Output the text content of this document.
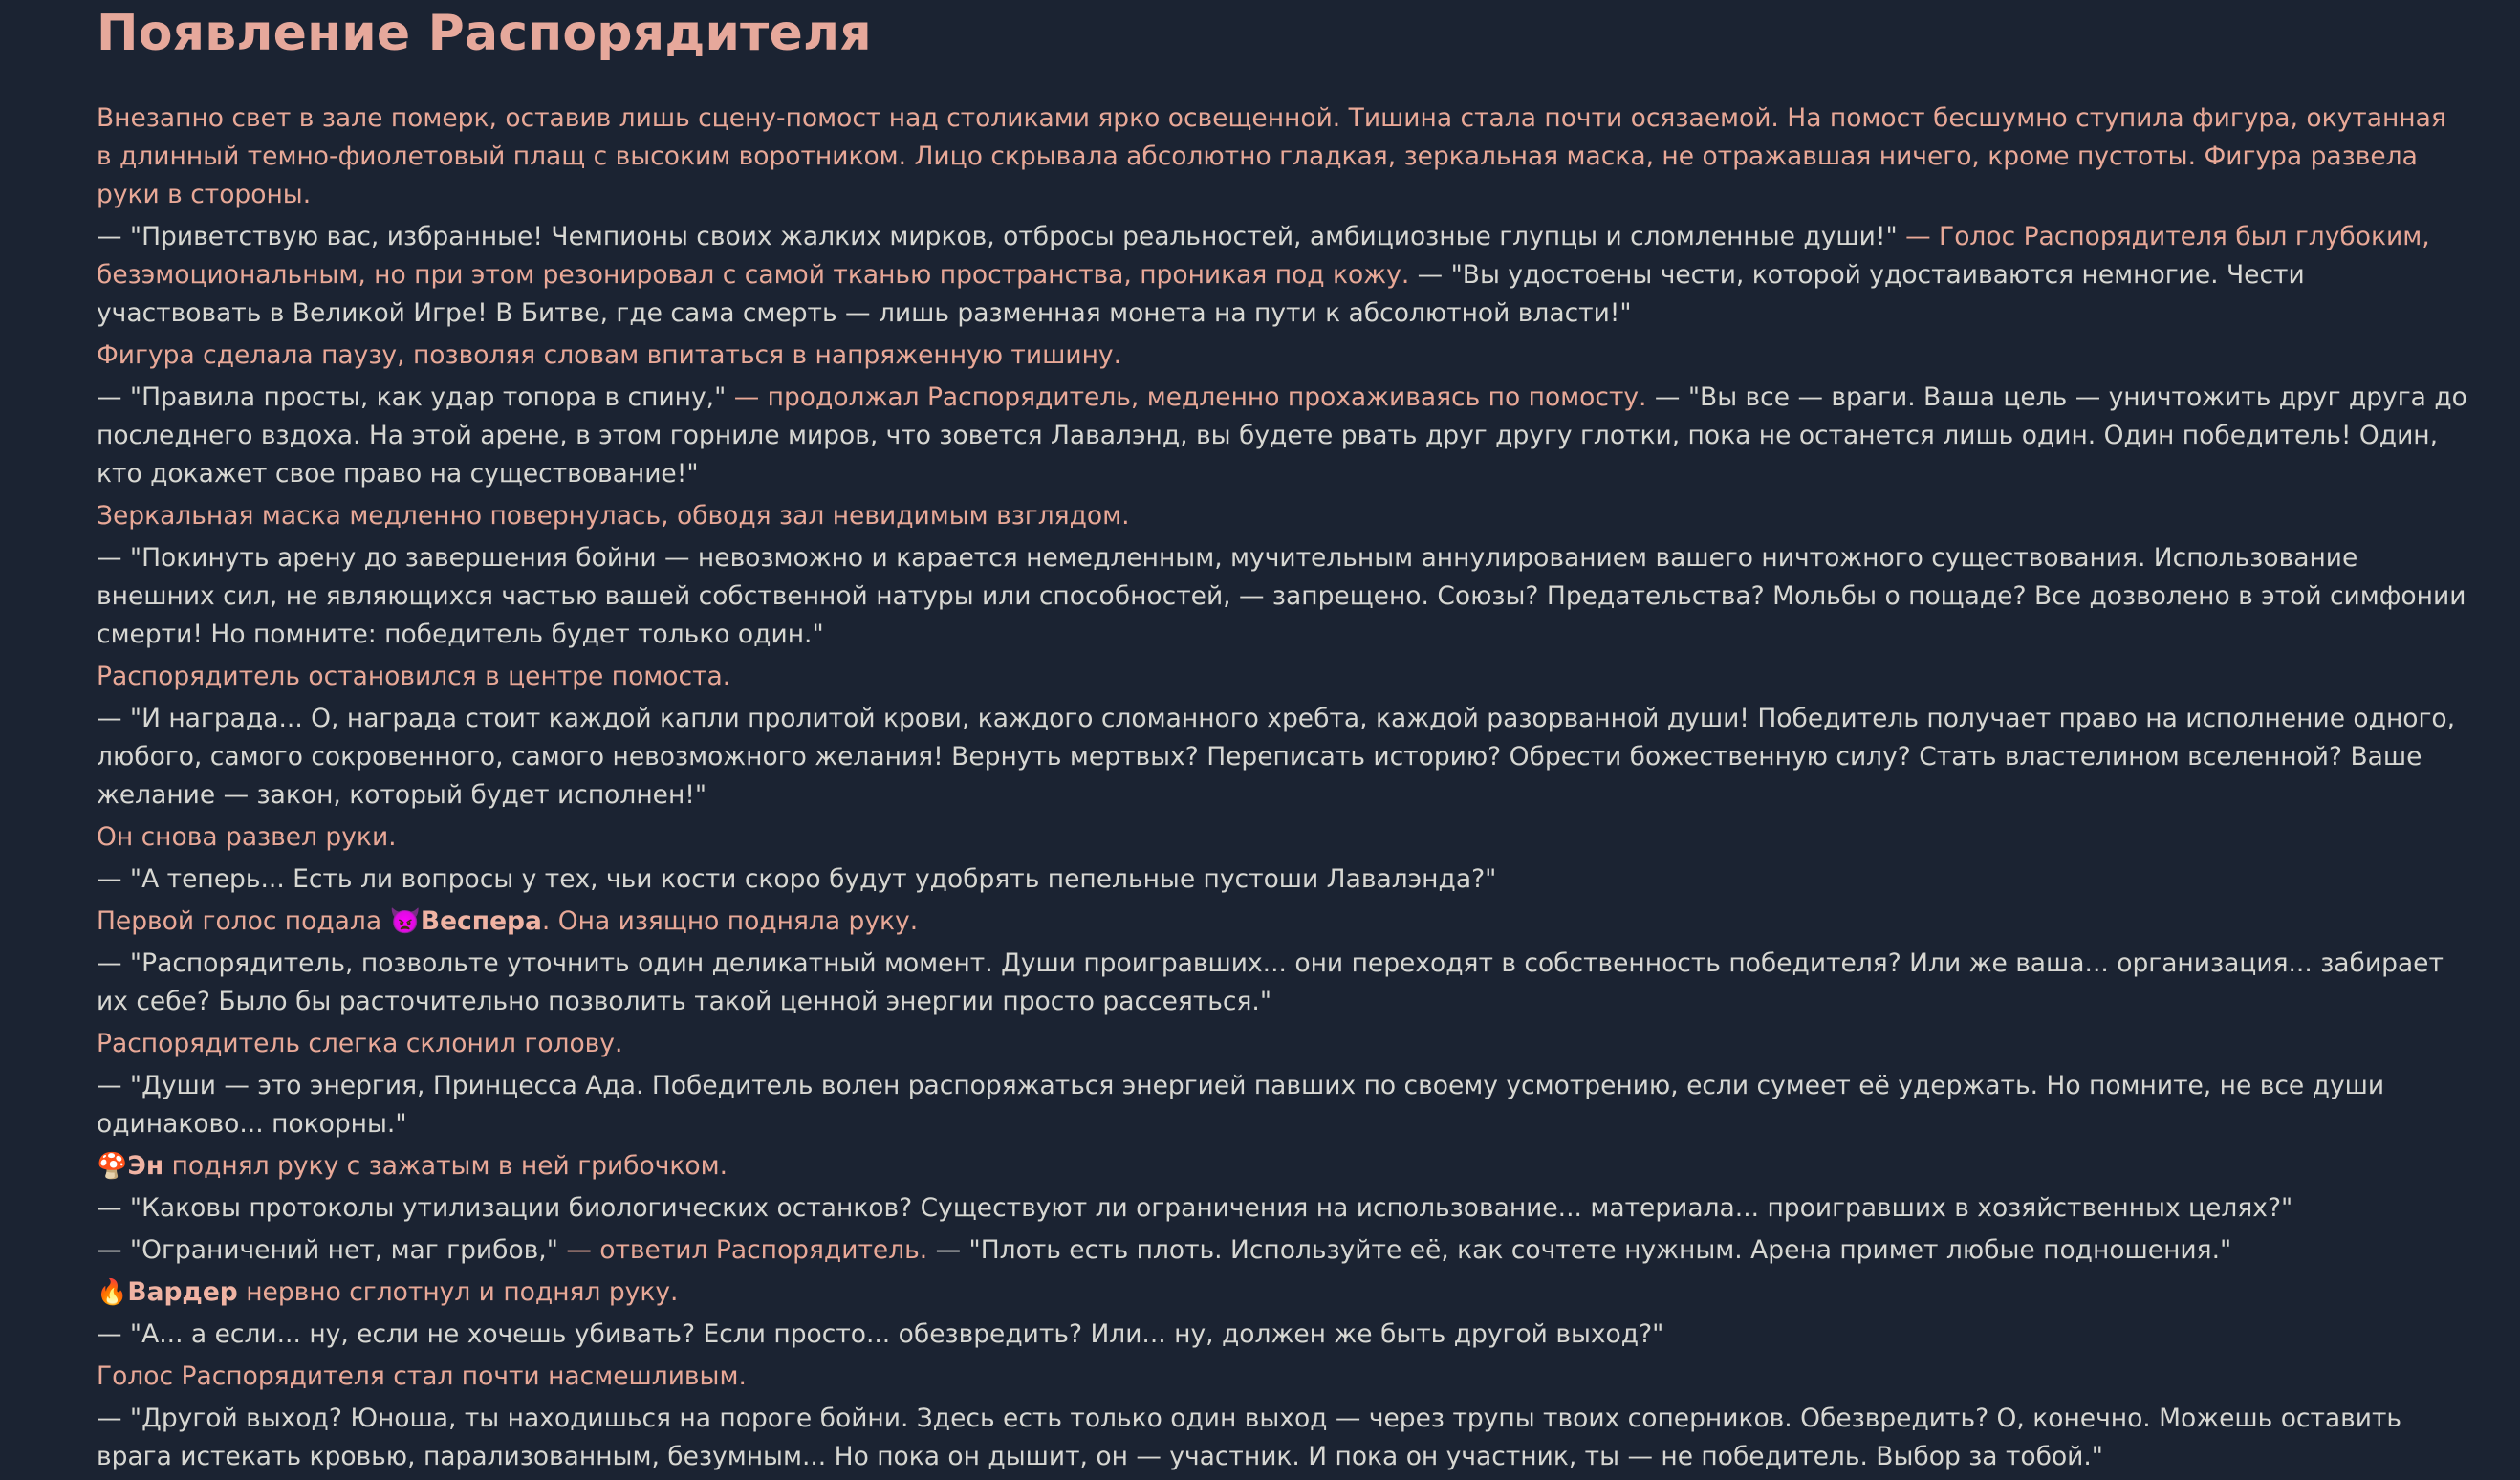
Появление Распорядителя
Внезапно свет в зале померк, оставив лишь сцену-помост над столиками ярко освещенной. Тишина стала почти осязаемой. На помост бесшумно ступила фигура, окутанная в длинный темно-фиолетовый плащ с высоким воротником. Лицо скрывала абсолютно гладкая, зеркальная маска, не отражавшая ничего, кроме пустоты. Фигура развела руки в стороны.
— "Приветствую вас, избранные! Чемпионы своих жалких мирков, отбросы реальностей, амбициозные глупцы и сломленные души!" — Голос Распорядителя был глубоким, безэмоциональным, но при этом резонировал с самой тканью пространства, проникая под кожу. — "Вы удостоены чести, которой удостаиваются немногие. Чести участвовать в Великой Игре! В Битве, где сама смерть — лишь разменная монета на пути к абсолютной власти!"
Фигура сделала паузу, позволяя словам впитаться в напряженную тишину.
— "Правила просты, как удар топора в спину," — продолжал Распорядитель, медленно прохаживаясь по помосту. — "Вы все — враги. Ваша цель — уничтожить друг друга до последнего вздоха. На этой арене, в этом горниле миров, что зовется Лавалэнд, вы будете рвать друг другу глотки, пока не останется лишь один. Один победитель! Один, кто докажет свое право на существование!"
Зеркальная маска медленно повернулась, обводя зал невидимым взглядом.
— "Покинуть арену до завершения бойни — невозможно и карается немедленным, мучительным аннулированием вашего ничтожного существования. Использование внешних сил, не являющихся частью вашей собственной натуры или способностей, — запрещено. Союзы? Предательства? Мольбы о пощаде? Все дозволено в этой симфонии смерти! Но помните: победитель будет только один."
Распорядитель остановился в центре помоста.
— "И награда... О, награда стоит каждой капли пролитой крови, каждого сломанного хребта, каждой разорванной души! Победитель получает право на исполнение одного, любого, самого сокровенного, самого невозможного желания! Вернуть мертвых? Переписать историю? Обрести божественную силу? Стать властелином вселенной? Ваше желание — закон, который будет исполнен!"
Он снова развел руки.
— "А теперь... Есть ли вопросы у тех, чьи кости скоро будут удобрять пепельные пустоши Лавалэнда?"
Первой голос подала 👿Веспера. Она изящно подняла руку.
— "Распорядитель, позвольте уточнить один деликатный момент. Души проигравших... они переходят в собственность победителя? Или же ваша... организация... забирает их себе? Было бы расточительно позволить такой ценной энергии просто рассеяться."
Распорядитель слегка склонил голову.
— "Души — это энергия, Принцесса Ада. Победитель волен распоряжаться энергией павших по своему усмотрению, если сумеет её удержать. Но помните, не все души одинаково... покорны."
🍄Эн поднял руку с зажатым в ней грибочком.
— "Каковы протоколы утилизации биологических останков? Существуют ли ограничения на использование... материала... проигравших в хозяйственных целях?"
— "Ограничений нет, маг грибов," — ответил Распорядитель. — "Плоть есть плоть. Используйте её, как сочтете нужным. Арена примет любые подношения."
🔥Вардер нервно сглотнул и поднял руку.
— "А... а если... ну, если не хочешь убивать? Если просто... обезвредить? Или... ну, должен же быть другой выход?"
Голос Распорядителя стал почти насмешливым.
— "Другой выход? Юноша, ты находишься на пороге бойни. Здесь есть только один выход — через трупы твоих соперников. Обезвредить? О, конечно. Можешь оставить врага истекать кровью, парализованным, безумным... Но пока он дышит, он — участник. И пока он участник, ты — не победитель. Выбор за тобой."
